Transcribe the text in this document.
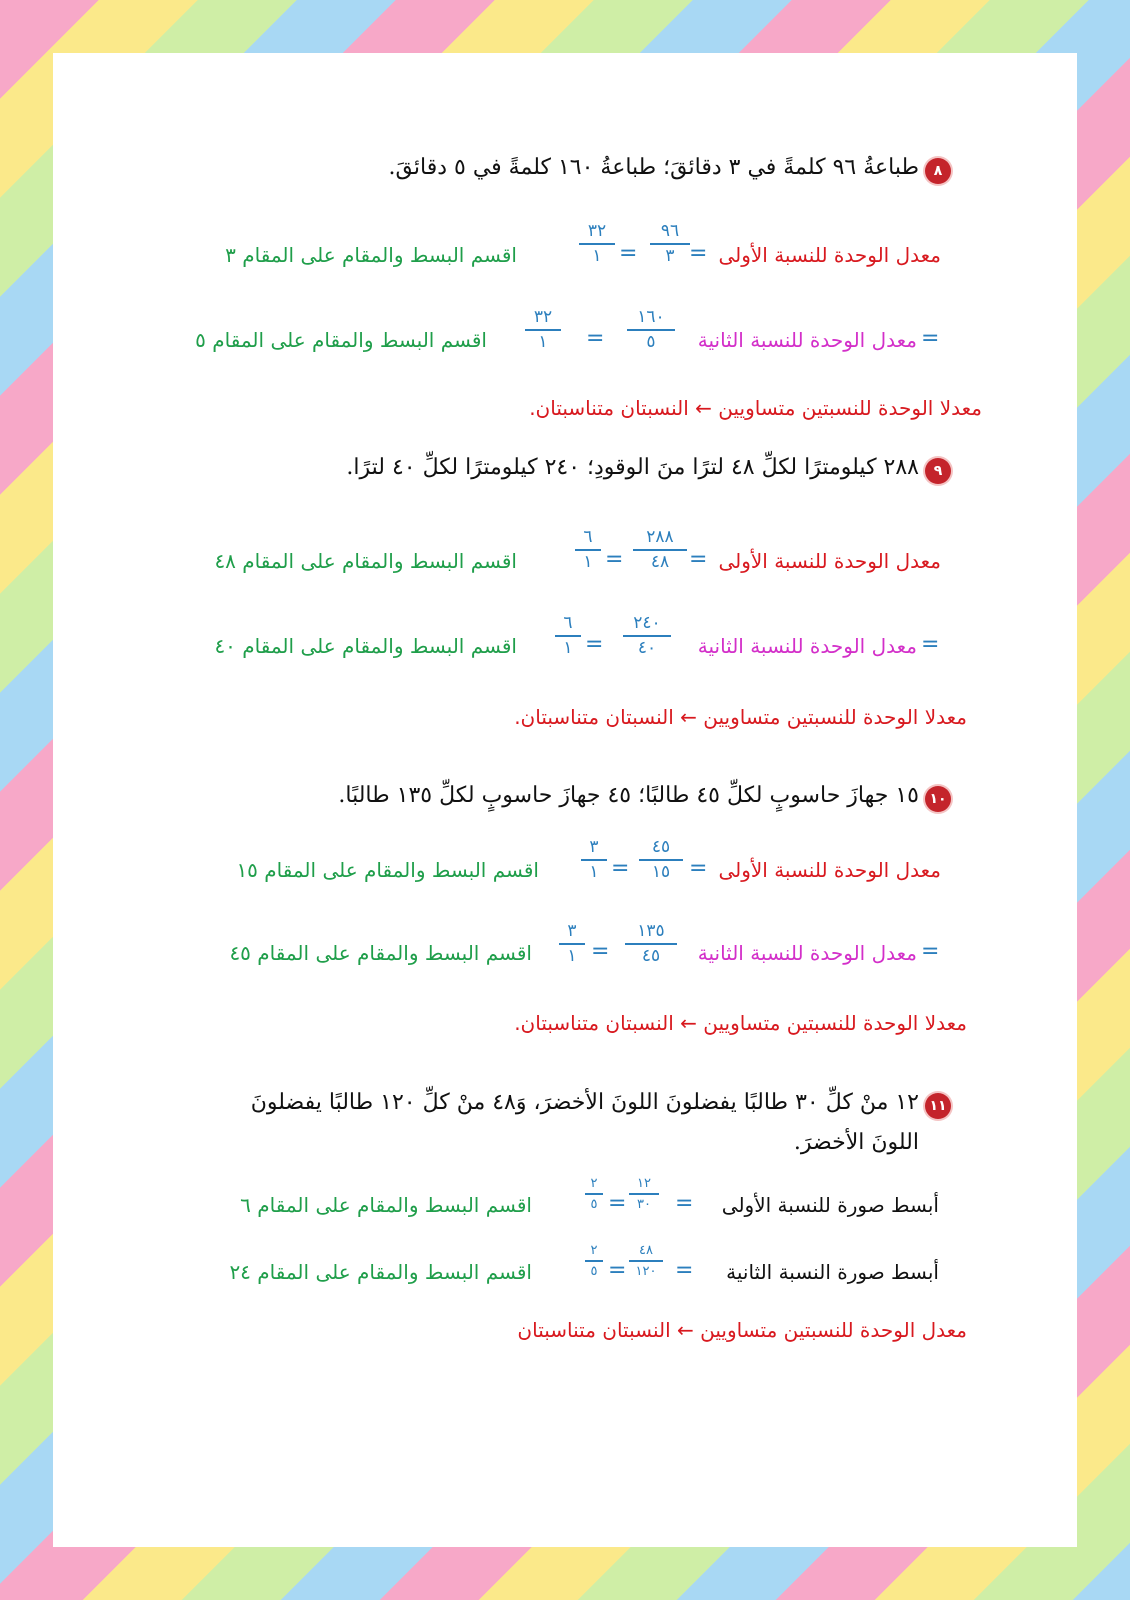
٨
طباعةُ ٩٦ كلمةً في ٣ دقائقَ؛ طباعةُ ١٦٠ كلمةً في ٥ دقائقَ.
معدل الوحدة للنسبة الأولى
=
٩٦
٣
=
٣٢
١
اقسم البسط والمقام على المقام ٣
معدل الوحدة للنسبة الثانية =
١٦٠
٥
=
٣٢
١
اقسم البسط والمقام على المقام ٥
معدلا الوحدة للنسبتين متساويين ← النسبتان متناسبتان.
٩
٢٨٨ كيلومترًا لكلِّ ٤٨ لترًا منَ الوقودِ؛ ٢٤٠ كيلومترًا لكلِّ ٤٠ لترًا.
معدل الوحدة للنسبة الأولى
=
٢٨٨
٤٨
=
٦
١
اقسم البسط والمقام على المقام ٤٨
معدل الوحدة للنسبة الثانية =
٢٤٠
٤٠
=
٦
١
اقسم البسط والمقام على المقام ٤٠
معدلا الوحدة للنسبتين متساويين ← النسبتان متناسبتان.
١٠
١٥ جهازَ حاسوبٍ لكلِّ ٤٥ طالبًا؛ ٤٥ جهازَ حاسوبٍ لكلِّ ١٣٥ طالبًا.
معدل الوحدة للنسبة الأولى
=
٤٥
١٥
=
٣
١
اقسم البسط والمقام على المقام ١٥
معدل الوحدة للنسبة الثانية =
١٣٥
٤٥
=
٣
١
اقسم البسط والمقام على المقام ٤٥
معدلا الوحدة للنسبتين متساويين ← النسبتان متناسبتان.
١١
١٢ منْ كلِّ ٣٠ طالبًا يفضلونَ اللونَ الأخضرَ، وَ٤٨ منْ كلِّ ١٢٠ طالبًا يفضلونَ
اللونَ الأخضرَ.
أبسط صورة للنسبة الأولى
=
١٢
٣٠
=
٢
٥
اقسم البسط والمقام على المقام ٦
أبسط صورة النسبة الثانية
=
٤٨
١٢٠
=
٢
٥
اقسم البسط والمقام على المقام ٢٤
معدل الوحدة للنسبتين متساويين ← النسبتان متناسبتان
